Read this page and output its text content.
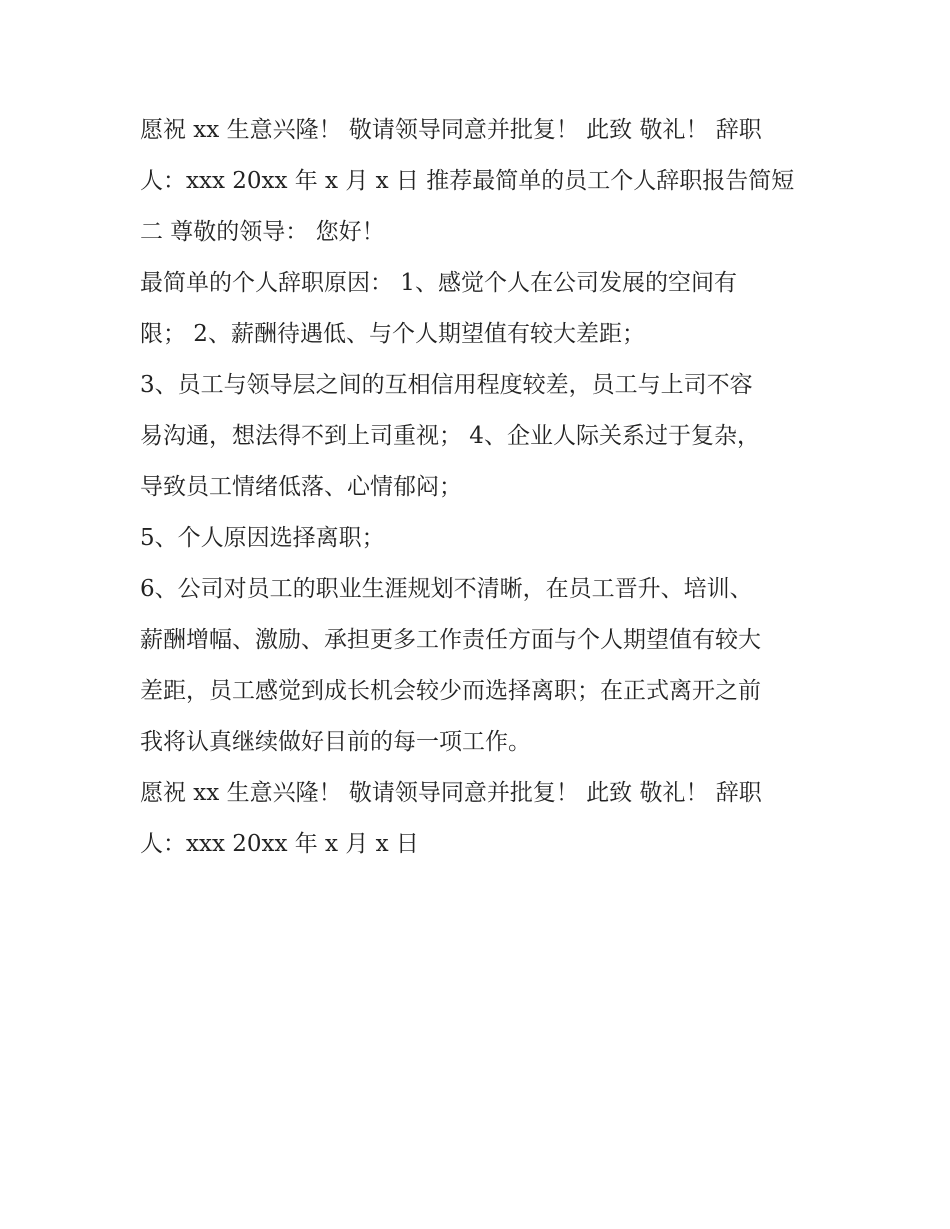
愿祝 xx 生意兴隆！ 敬请领导同意并批复！ 此致 敬礼！ 辞职
人：xxx 20xx 年 x 月 x 日 推荐最简单的员工个人辞职报告简短
二 尊敬的领导： 您好！
最简单的个人辞职原因： 1、感觉个人在公司发展的空间有
限； 2、薪酬待遇低、与个人期望值有较大差距；
3、员工与领导层之间的互相信用程度较差，员工与上司不容
易沟通，想法得不到上司重视； 4、企业人际关系过于复杂，
导致员工情绪低落、心情郁闷；
5、个人原因选择离职；
6、公司对员工的职业生涯规划不清晰，在员工晋升、培训、
薪酬增幅、激励、承担更多工作责任方面与个人期望值有较大
差距，员工感觉到成长机会较少而选择离职；在正式离开之前
我将认真继续做好目前的每一项工作。
愿祝 xx 生意兴隆！ 敬请领导同意并批复！ 此致 敬礼！ 辞职
人：xxx 20xx 年 x 月 x 日
